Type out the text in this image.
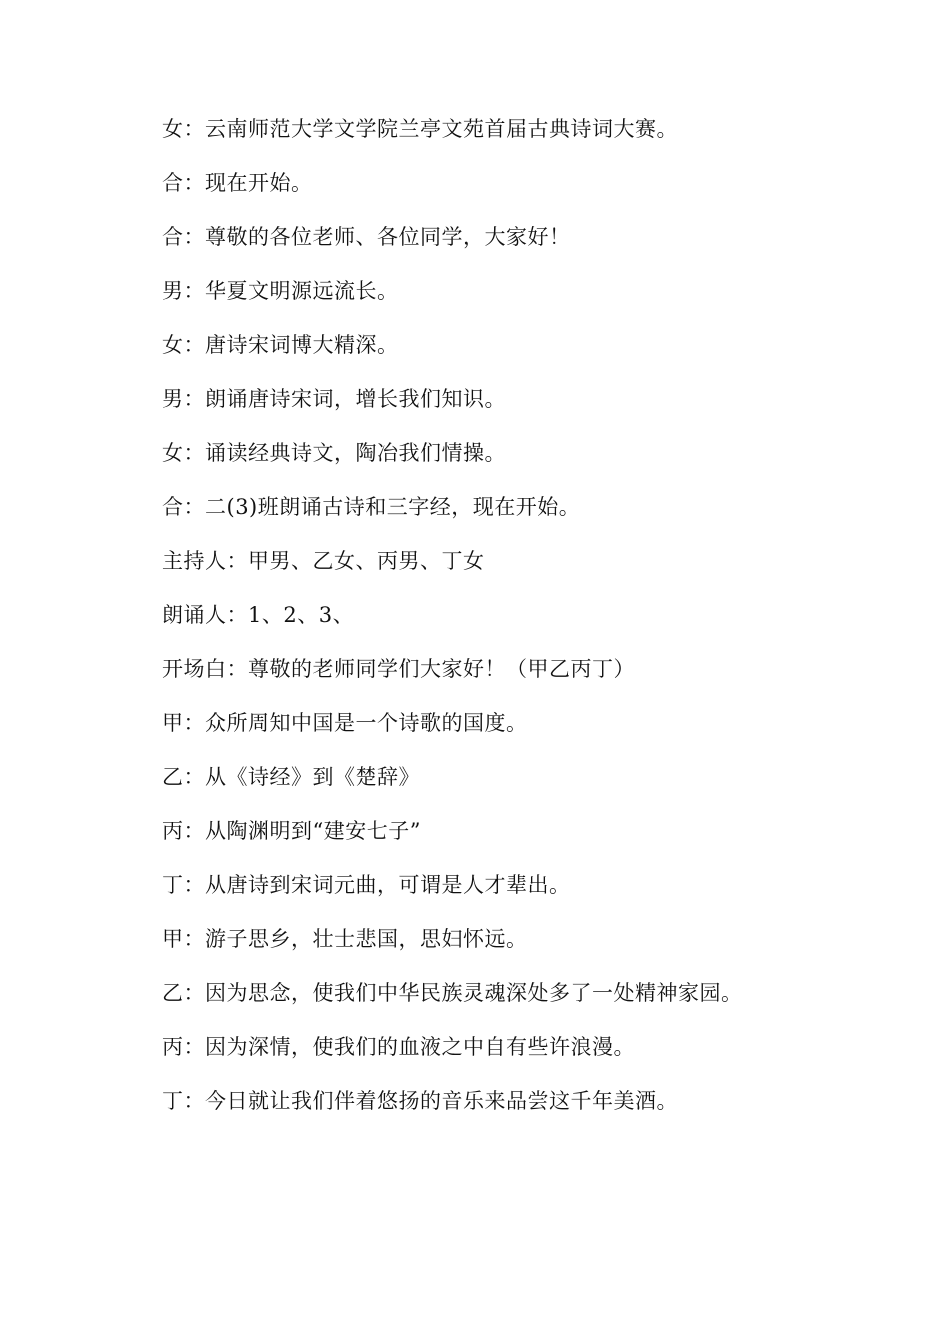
女：云南师范大学文学院兰亭文苑首届古典诗词大赛。
合：现在开始。
合：尊敬的各位老师、各位同学，大家好！
男：华夏文明源远流长。
女：唐诗宋词博大精深。
男：朗诵唐诗宋词，增长我们知识。
女：诵读经典诗文，陶冶我们情操。
合：二(3)班朗诵古诗和三字经，现在开始。
主持人：甲男、乙女、丙男、丁女
朗诵人：1、2、3、
开场白：尊敬的老师同学们大家好！（甲乙丙丁）
甲：众所周知中国是一个诗歌的国度。
乙：从《诗经》到《楚辞》
丙：从陶渊明到“建安七子”
丁：从唐诗到宋词元曲，可谓是人才辈出。
甲：游子思乡，壮士悲国，思妇怀远。
乙：因为思念，使我们中华民族灵魂深处多了一处精神家园。
丙：因为深情，使我们的血液之中自有些许浪漫。
丁：今日就让我们伴着悠扬的音乐来品尝这千年美酒。
